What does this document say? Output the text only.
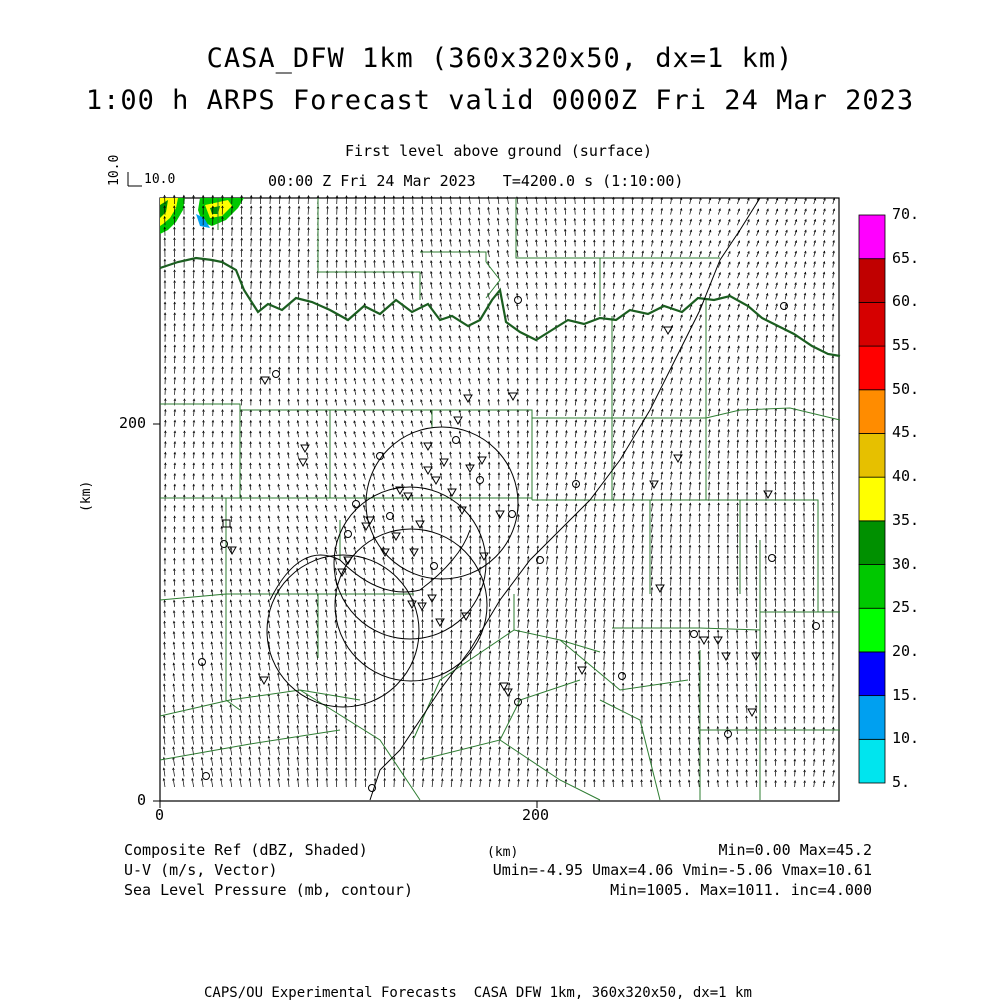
CASA_DFW 1km (360x320x50, dx=1 km)
1:00 h ARPS Forecast valid 0000Z Fri 24 Mar 2023
First level above ground (surface)
00:00 Z Fri 24 Mar 2023   T=4200.0 s (1:10:00)
10.0 10.0
200
0
0	200
(km)
5.
10.
15.
20.
25.
30.
35.
40.
45.
50.
55.
60.
65.
70.
Composite Ref (dBZ, Shaded)	(km)	Min=0.00 Max=45.2
U-V (m/s, Vector)	Umin=-4.95 Umax=4.06 Vmin=-5.06 Vmax=10.61
Sea Level Pressure (mb, contour)	Min=1005. Max=1011. inc=4.000
CAPS/OU Experimental Forecasts  CASA DFW 1km, 360x320x50, dx=1 km
